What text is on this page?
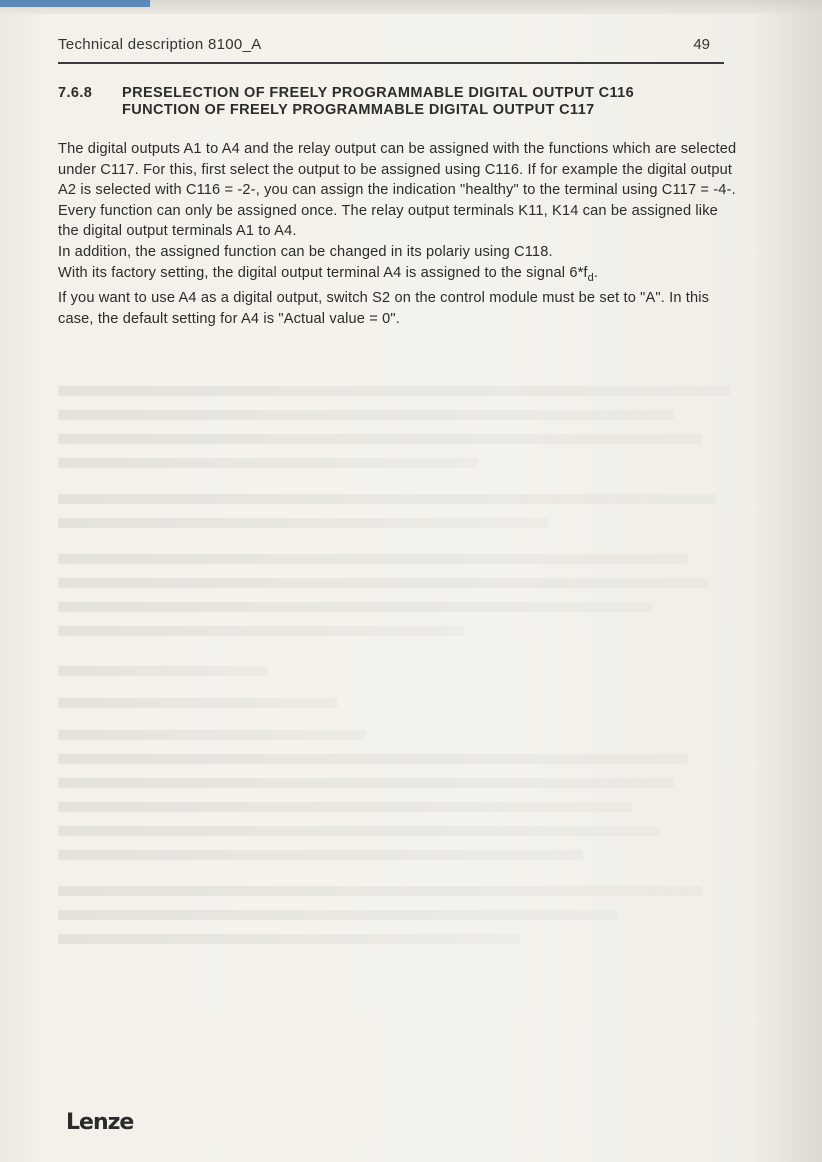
Technical description 8100_A	49
7.6.8 PRESELECTION OF FREELY PROGRAMMABLE DIGITAL OUTPUT C116
FUNCTION OF FREELY PROGRAMMABLE DIGITAL OUTPUT C117

The digital outputs A1 to A4 and the relay output can be assigned with the functions which are selected under C117. For this, first select the output to be assigned using C116. If for example the digital output A2 is selected with C116 = -2-, you can assign the indication "healthy" to the terminal using C117 = -4-.

Every function can only be assigned once. The relay output terminals K11, K14 can be assigned like the digital output terminals A1 to A4.

In addition, the assigned function can be changed in its polariy using C118.

With its factory setting, the digital output terminal A4 is assigned to the signal $6*f_d$.

If you want to use A4 as a digital output, switch S2 on the control module must be set to "A". In this case, the default setting for A4 is "Actual value = 0".

Lenze
